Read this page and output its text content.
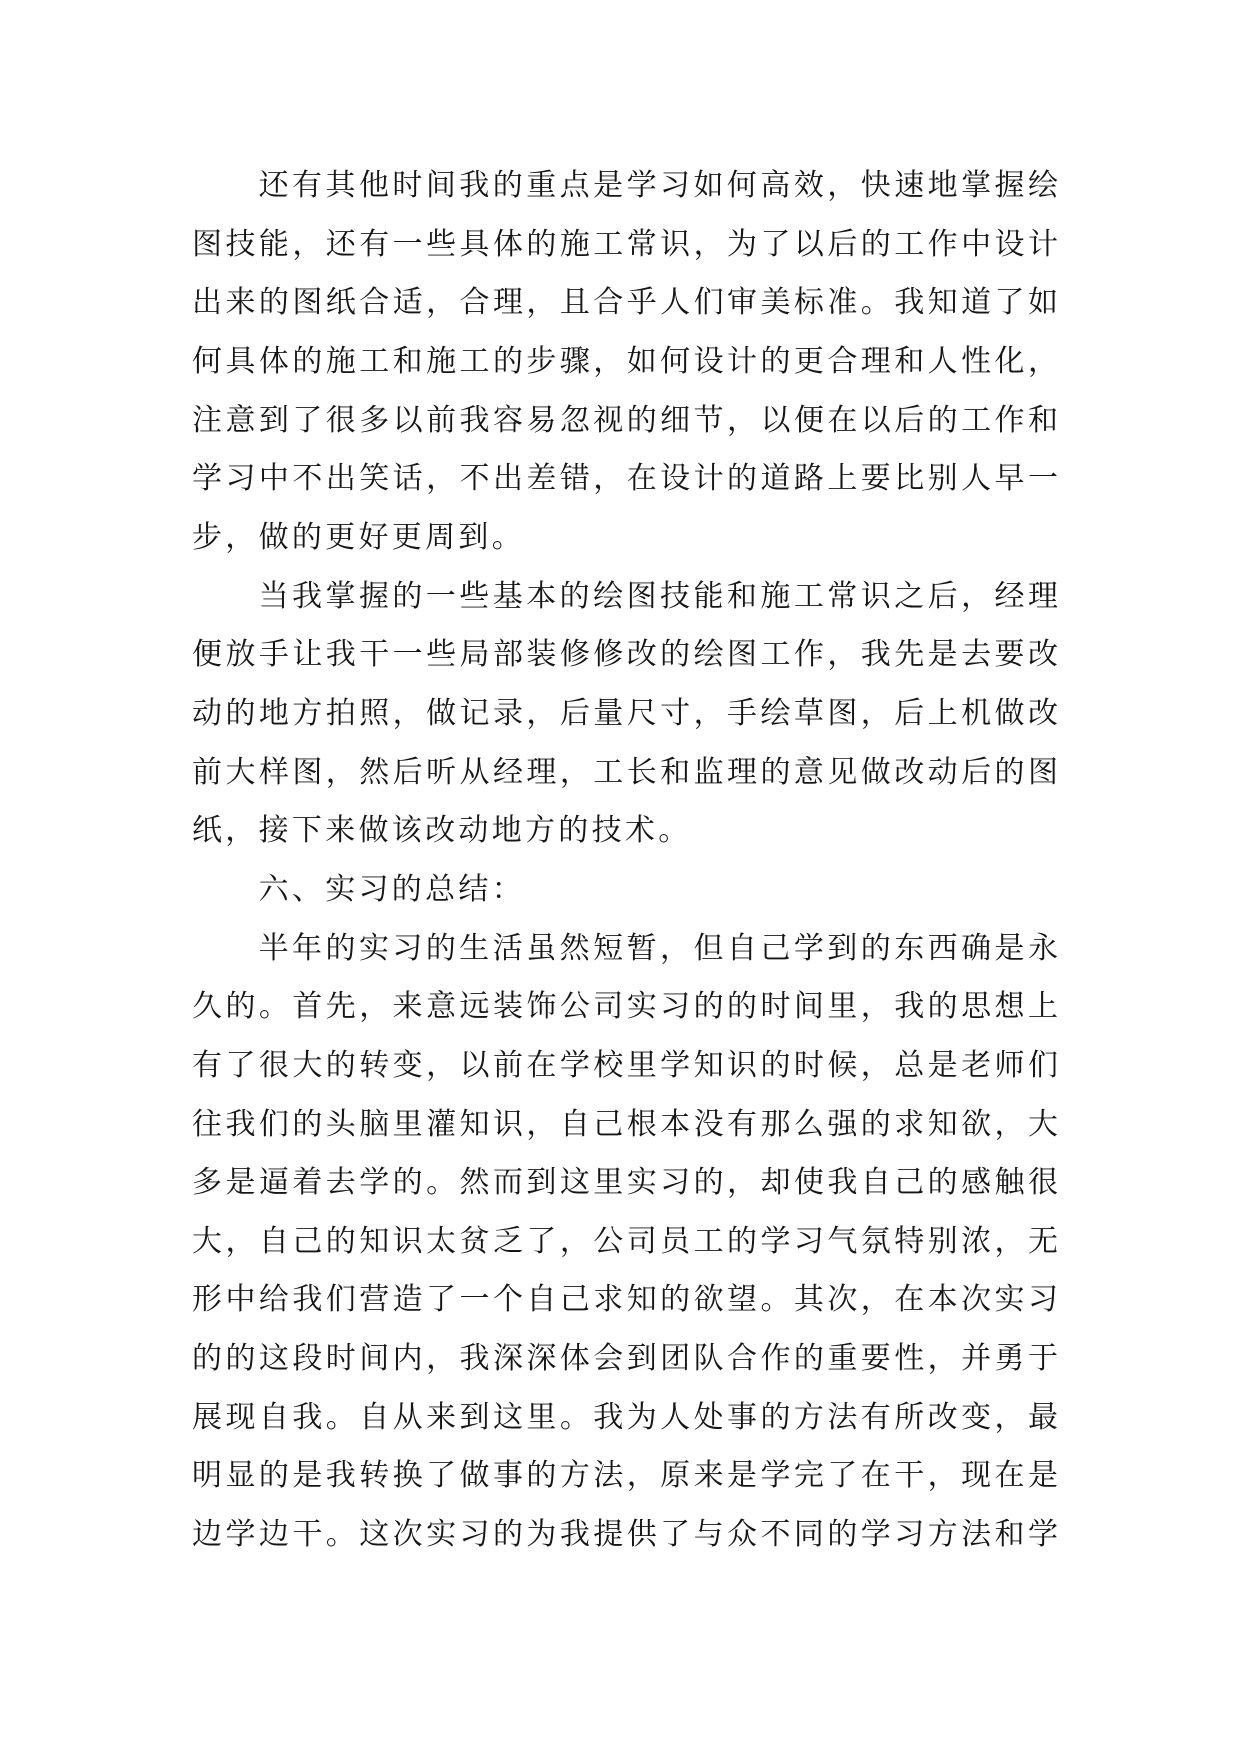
还有其他时间我的重点是学习如何高效，快速地掌握绘
图技能，还有一些具体的施工常识，为了以后的工作中设计
出来的图纸合适，合理，且合乎人们审美标准。我知道了如
何具体的施工和施工的步骤，如何设计的更合理和人性化，
注意到了很多以前我容易忽视的细节，以便在以后的工作和
学习中不出笑话，不出差错，在设计的道路上要比别人早一
步，做的更好更周到。
当我掌握的一些基本的绘图技能和施工常识之后，经理
便放手让我干一些局部装修修改的绘图工作，我先是去要改
动的地方拍照，做记录，后量尺寸，手绘草图，后上机做改
前大样图，然后听从经理，工长和监理的意见做改动后的图
纸，接下来做该改动地方的技术。
六、实习的总结：
半年的实习的生活虽然短暂，但自己学到的东西确是永
久的。首先，来意远装饰公司实习的的时间里，我的思想上
有了很大的转变，以前在学校里学知识的时候，总是老师们
往我们的头脑里灌知识，自己根本没有那么强的求知欲，大
多是逼着去学的。然而到这里实习的，却使我自己的感触很
大，自己的知识太贫乏了，公司员工的学习气氛特别浓，无
形中给我们营造了一个自己求知的欲望。其次，在本次实习
的的这段时间内，我深深体会到团队合作的重要性，并勇于
展现自我。自从来到这里。我为人处事的方法有所改变，最
明显的是我转换了做事的方法，原来是学完了在干，现在是
边学边干。这次实习的为我提供了与众不同的学习方法和学
